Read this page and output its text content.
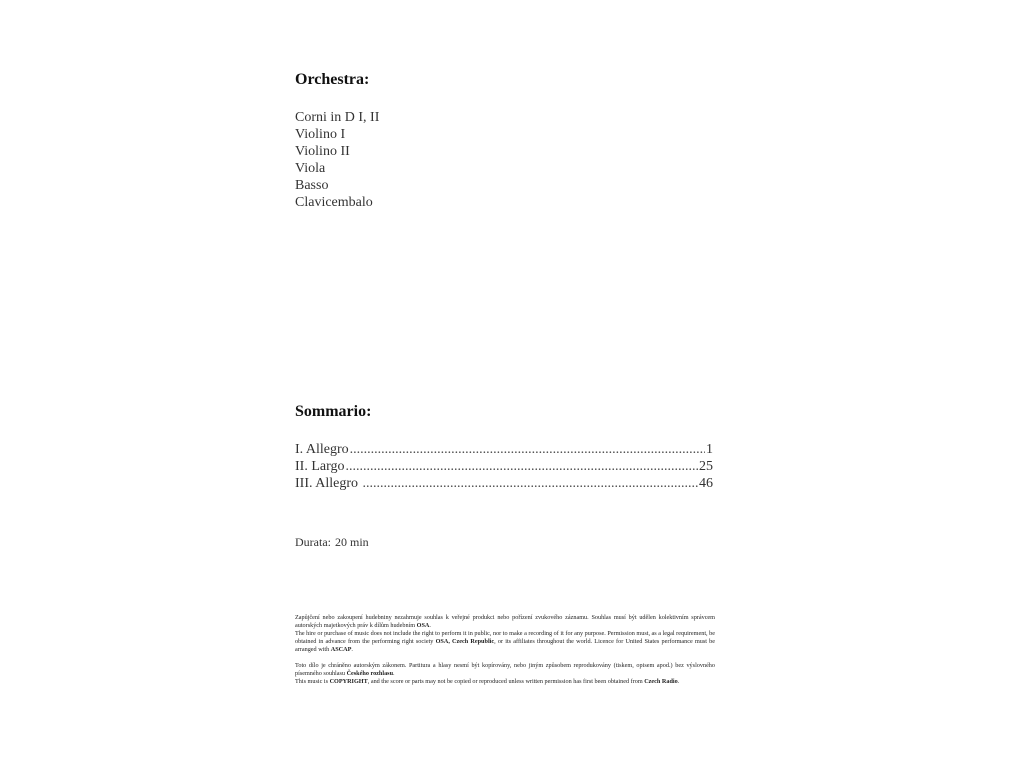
Orchestra:
Corni in D I, II
Violino I
Violino II
Viola
Basso
Clavicembalo
Sommario:
I. Allegro .....	1
II. Largo .....	25
III. Allegro .....	46

Durata: 20 min

Zapůjčení nebo zakoupení hudebniny nezahrnuje souhlas k veřejné produkci nebo pořízení zvukového záznamu. Souhlas musí být udělen kolektivním správcem autorských majetkových práv k dílům hudebním OSA.

The hire or purchase of music does not include the right to perform it in public, nor to make a recording of it for any purpose. Permission must, as a legal requirement, be obtained in advance from the performing right society OSA, Czech Republic, or its affiliates throughout the world. Licence for United States performance must be arranged with ASCAP.

Toto dílo je chráněno autorským zákonem. Partitura a hlasy nesmí být kopírovány, nebo jiným způsobem reprodukovány (tiskem, opisem apod.) bez výslovného písemného souhlasu Českého rozhlasu.

This music is COPYRIGHT, and the score or parts may not be copied or reproduced unless written permission has first been obtained from Czech Radio.
